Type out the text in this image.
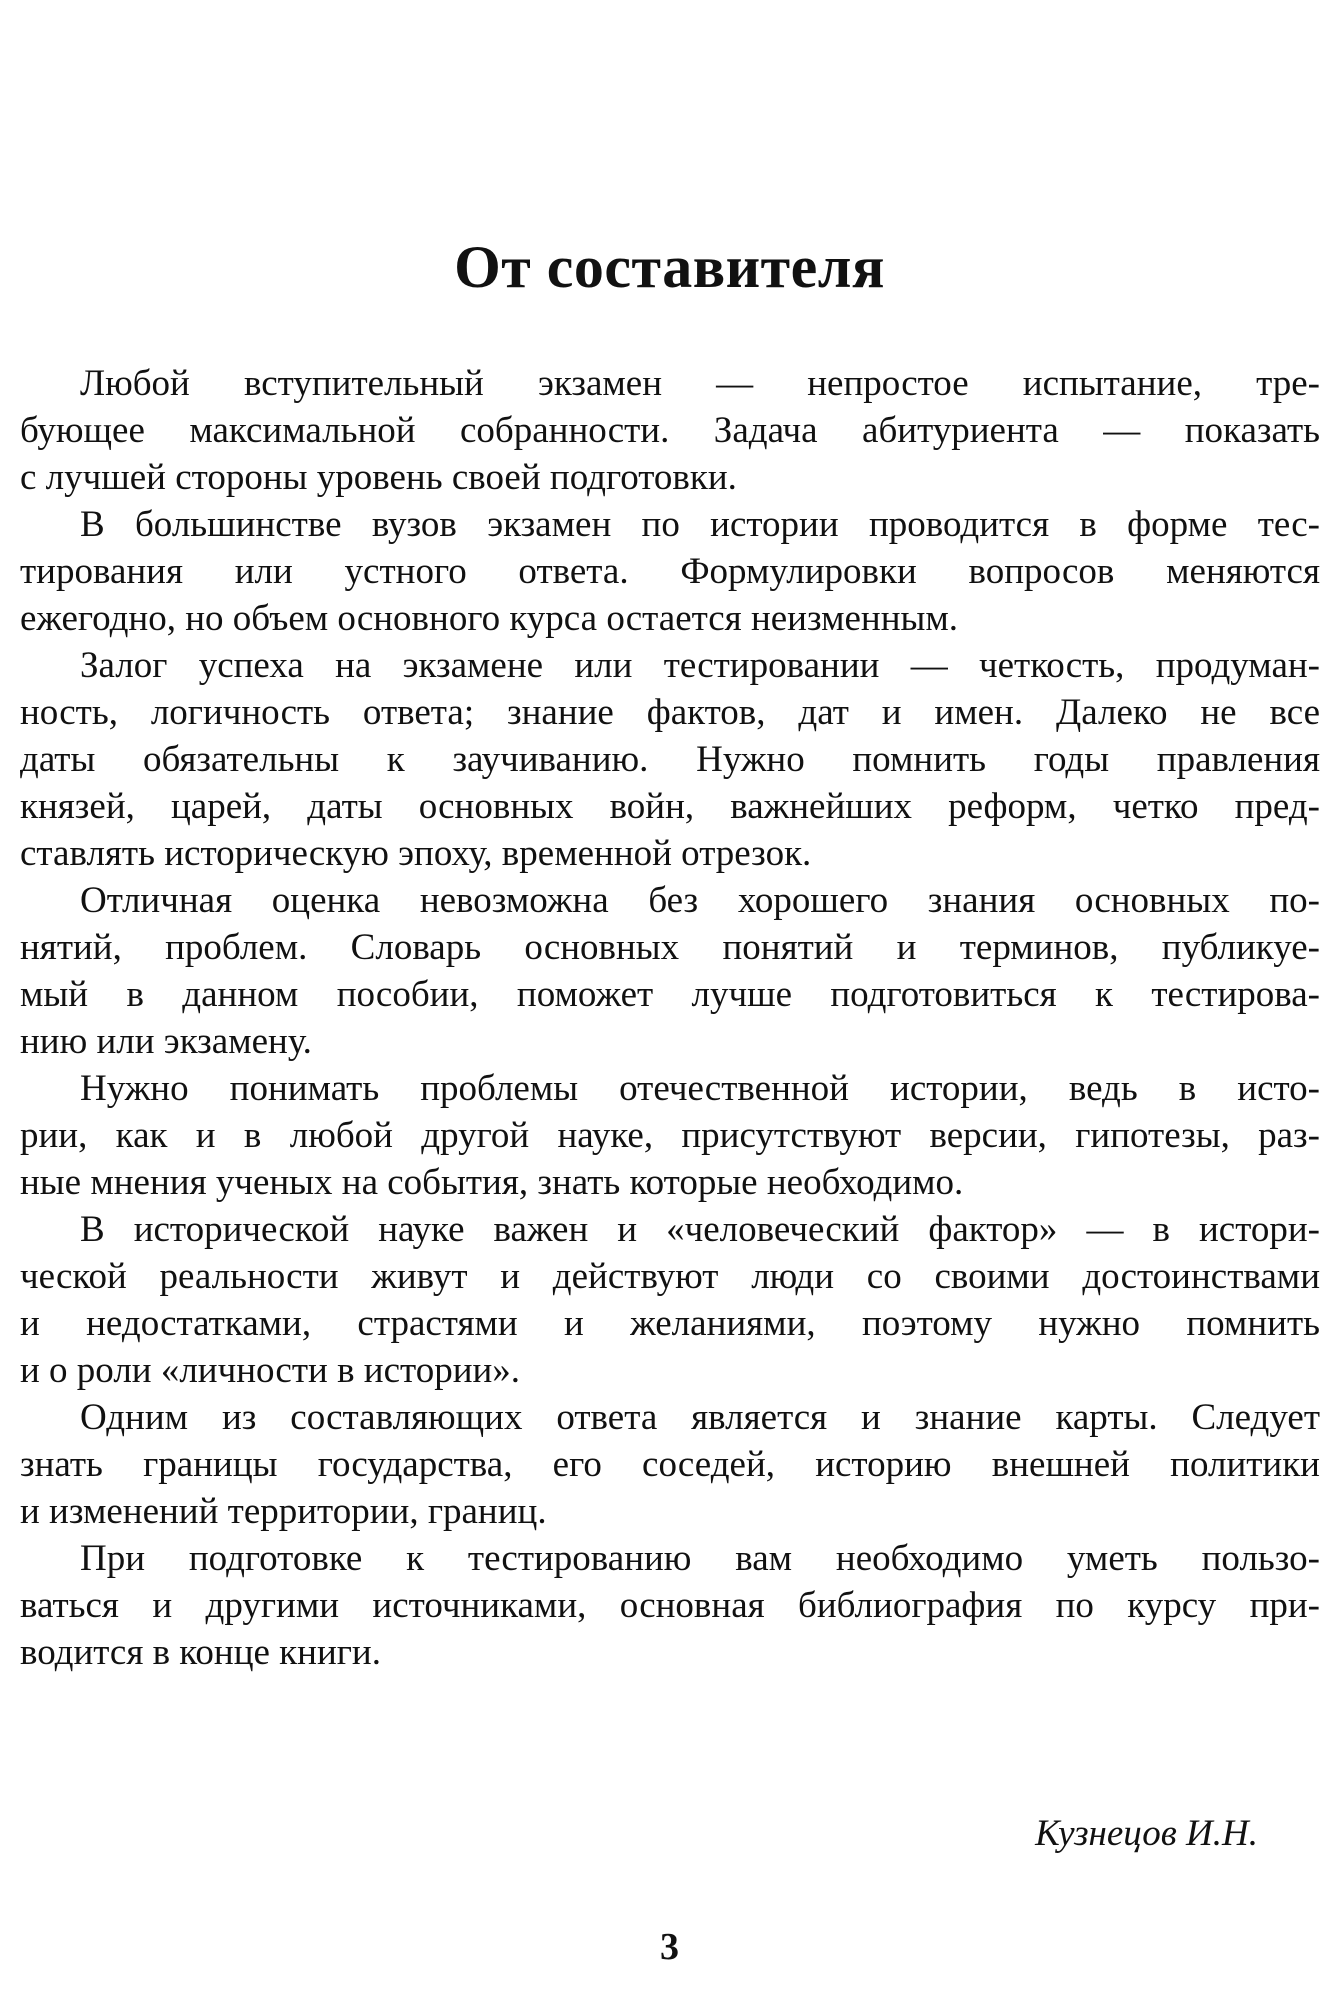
От составителя
Любой вступительный экзамен — непростое испытание, тре-
бующее максимальной собранности. Задача абитуриента — показать
с лучшей стороны уровень своей подготовки.
В большинстве вузов экзамен по истории проводится в форме тес-
тирования или устного ответа. Формулировки вопросов меняются
ежегодно, но объем основного курса остается неизменным.
Залог успеха на экзамене или тестировании — четкость, продуман-
ность, логичность ответа; знание фактов, дат и имен. Далеко не все
даты обязательны к заучиванию. Нужно помнить годы правления
князей, царей, даты основных войн, важнейших реформ, четко пред-
ставлять историческую эпоху, временной отрезок.
Отличная оценка невозможна без хорошего знания основных по-
нятий, проблем. Словарь основных понятий и терминов, публикуе-
мый в данном пособии, поможет лучше подготовиться к тестирова-
нию или экзамену.
Нужно понимать проблемы отечественной истории, ведь в исто-
рии, как и в любой другой науке, присутствуют версии, гипотезы, раз-
ные мнения ученых на события, знать которые необходимо.
В исторической науке важен и «человеческий фактор» — в истори-
ческой реальности живут и действуют люди со своими достоинствами
и недостатками, страстями и желаниями, поэтому нужно помнить
и о роли «личности в истории».
Одним из составляющих ответа является и знание карты. Следует
знать границы государства, его соседей, историю внешней политики
и изменений территории, границ.
При подготовке к тестированию вам необходимо уметь пользо-
ваться и другими источниками, основная библиография по курсу при-
водится в конце книги.

Кузнецов И.Н.

3
